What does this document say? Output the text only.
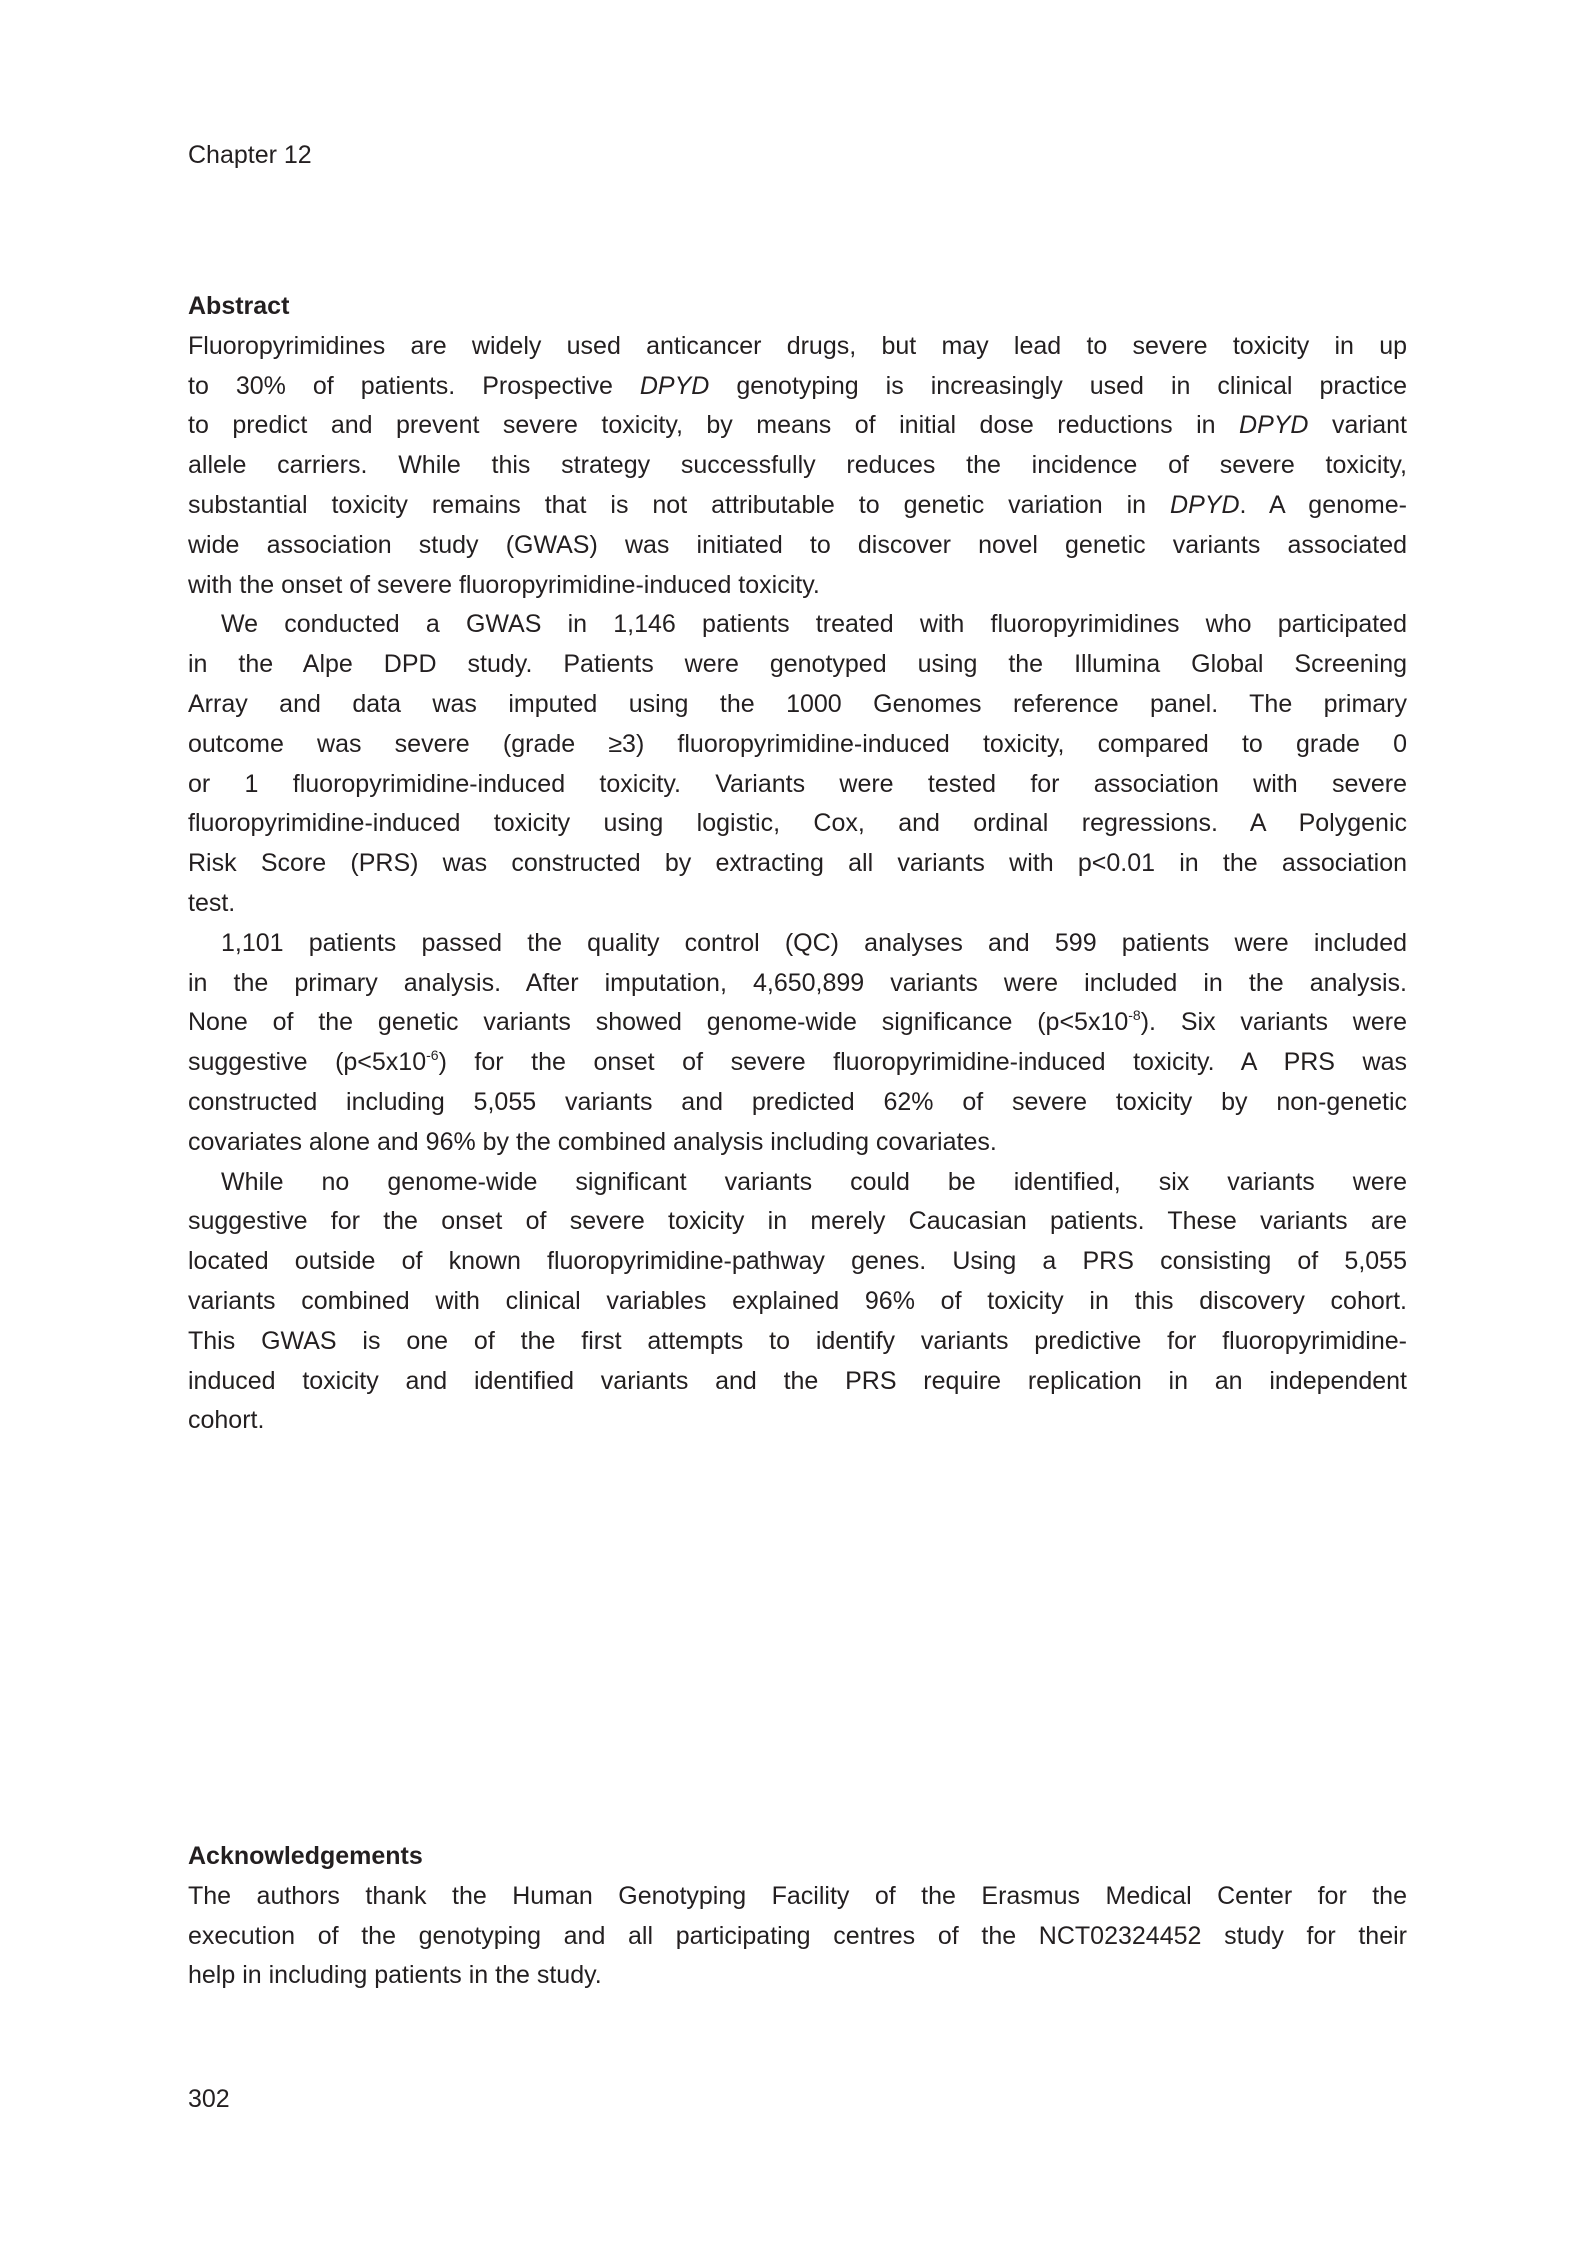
Chapter 12
Abstract
Fluoropyrimidines are widely used anticancer drugs, but may lead to severe toxicity in up
to 30% of patients. Prospective DPYD genotyping is increasingly used in clinical practice
to predict and prevent severe toxicity, by means of initial dose reductions in DPYD variant
allele carriers. While this strategy successfully reduces the incidence of severe toxicity,
substantial toxicity remains that is not attributable to genetic variation in DPYD. A genome-
wide association study (GWAS) was initiated to discover novel genetic variants associated
with the onset of severe fluoropyrimidine-induced toxicity.
We conducted a GWAS in 1,146 patients treated with fluoropyrimidines who participated
in the Alpe DPD study. Patients were genotyped using the Illumina Global Screening
Array and data was imputed using the 1000 Genomes reference panel. The primary
outcome was severe (grade ≥3) fluoropyrimidine-induced toxicity, compared to grade 0
or 1 fluoropyrimidine-induced toxicity. Variants were tested for association with severe
fluoropyrimidine-induced toxicity using logistic, Cox, and ordinal regressions. A Polygenic
Risk Score (PRS) was constructed by extracting all variants with p<0.01 in the association
test.
1,101 patients passed the quality control (QC) analyses and 599 patients were included
in the primary analysis. After imputation, 4,650,899 variants were included in the analysis.
None of the genetic variants showed genome-wide significance $(p<5x10^{-8})$. Six variants were
suggestive $(p<5x10^{-6})$ for the onset of severe fluoropyrimidine-induced toxicity. A PRS was
constructed including 5,055 variants and predicted 62% of severe toxicity by non-genetic
covariates alone and 96% by the combined analysis including covariates.
While no genome-wide significant variants could be identified, six variants were
suggestive for the onset of severe toxicity in merely Caucasian patients. These variants are
located outside of known fluoropyrimidine-pathway genes. Using a PRS consisting of 5,055
variants combined with clinical variables explained 96% of toxicity in this discovery cohort.
This GWAS is one of the first attempts to identify variants predictive for fluoropyrimidine-
induced toxicity and identified variants and the PRS require replication in an independent
cohort.
Acknowledgements
The authors thank the Human Genotyping Facility of the Erasmus Medical Center for the
execution of the genotyping and all participating centres of the NCT02324452 study for their
help in including patients in the study.
302
